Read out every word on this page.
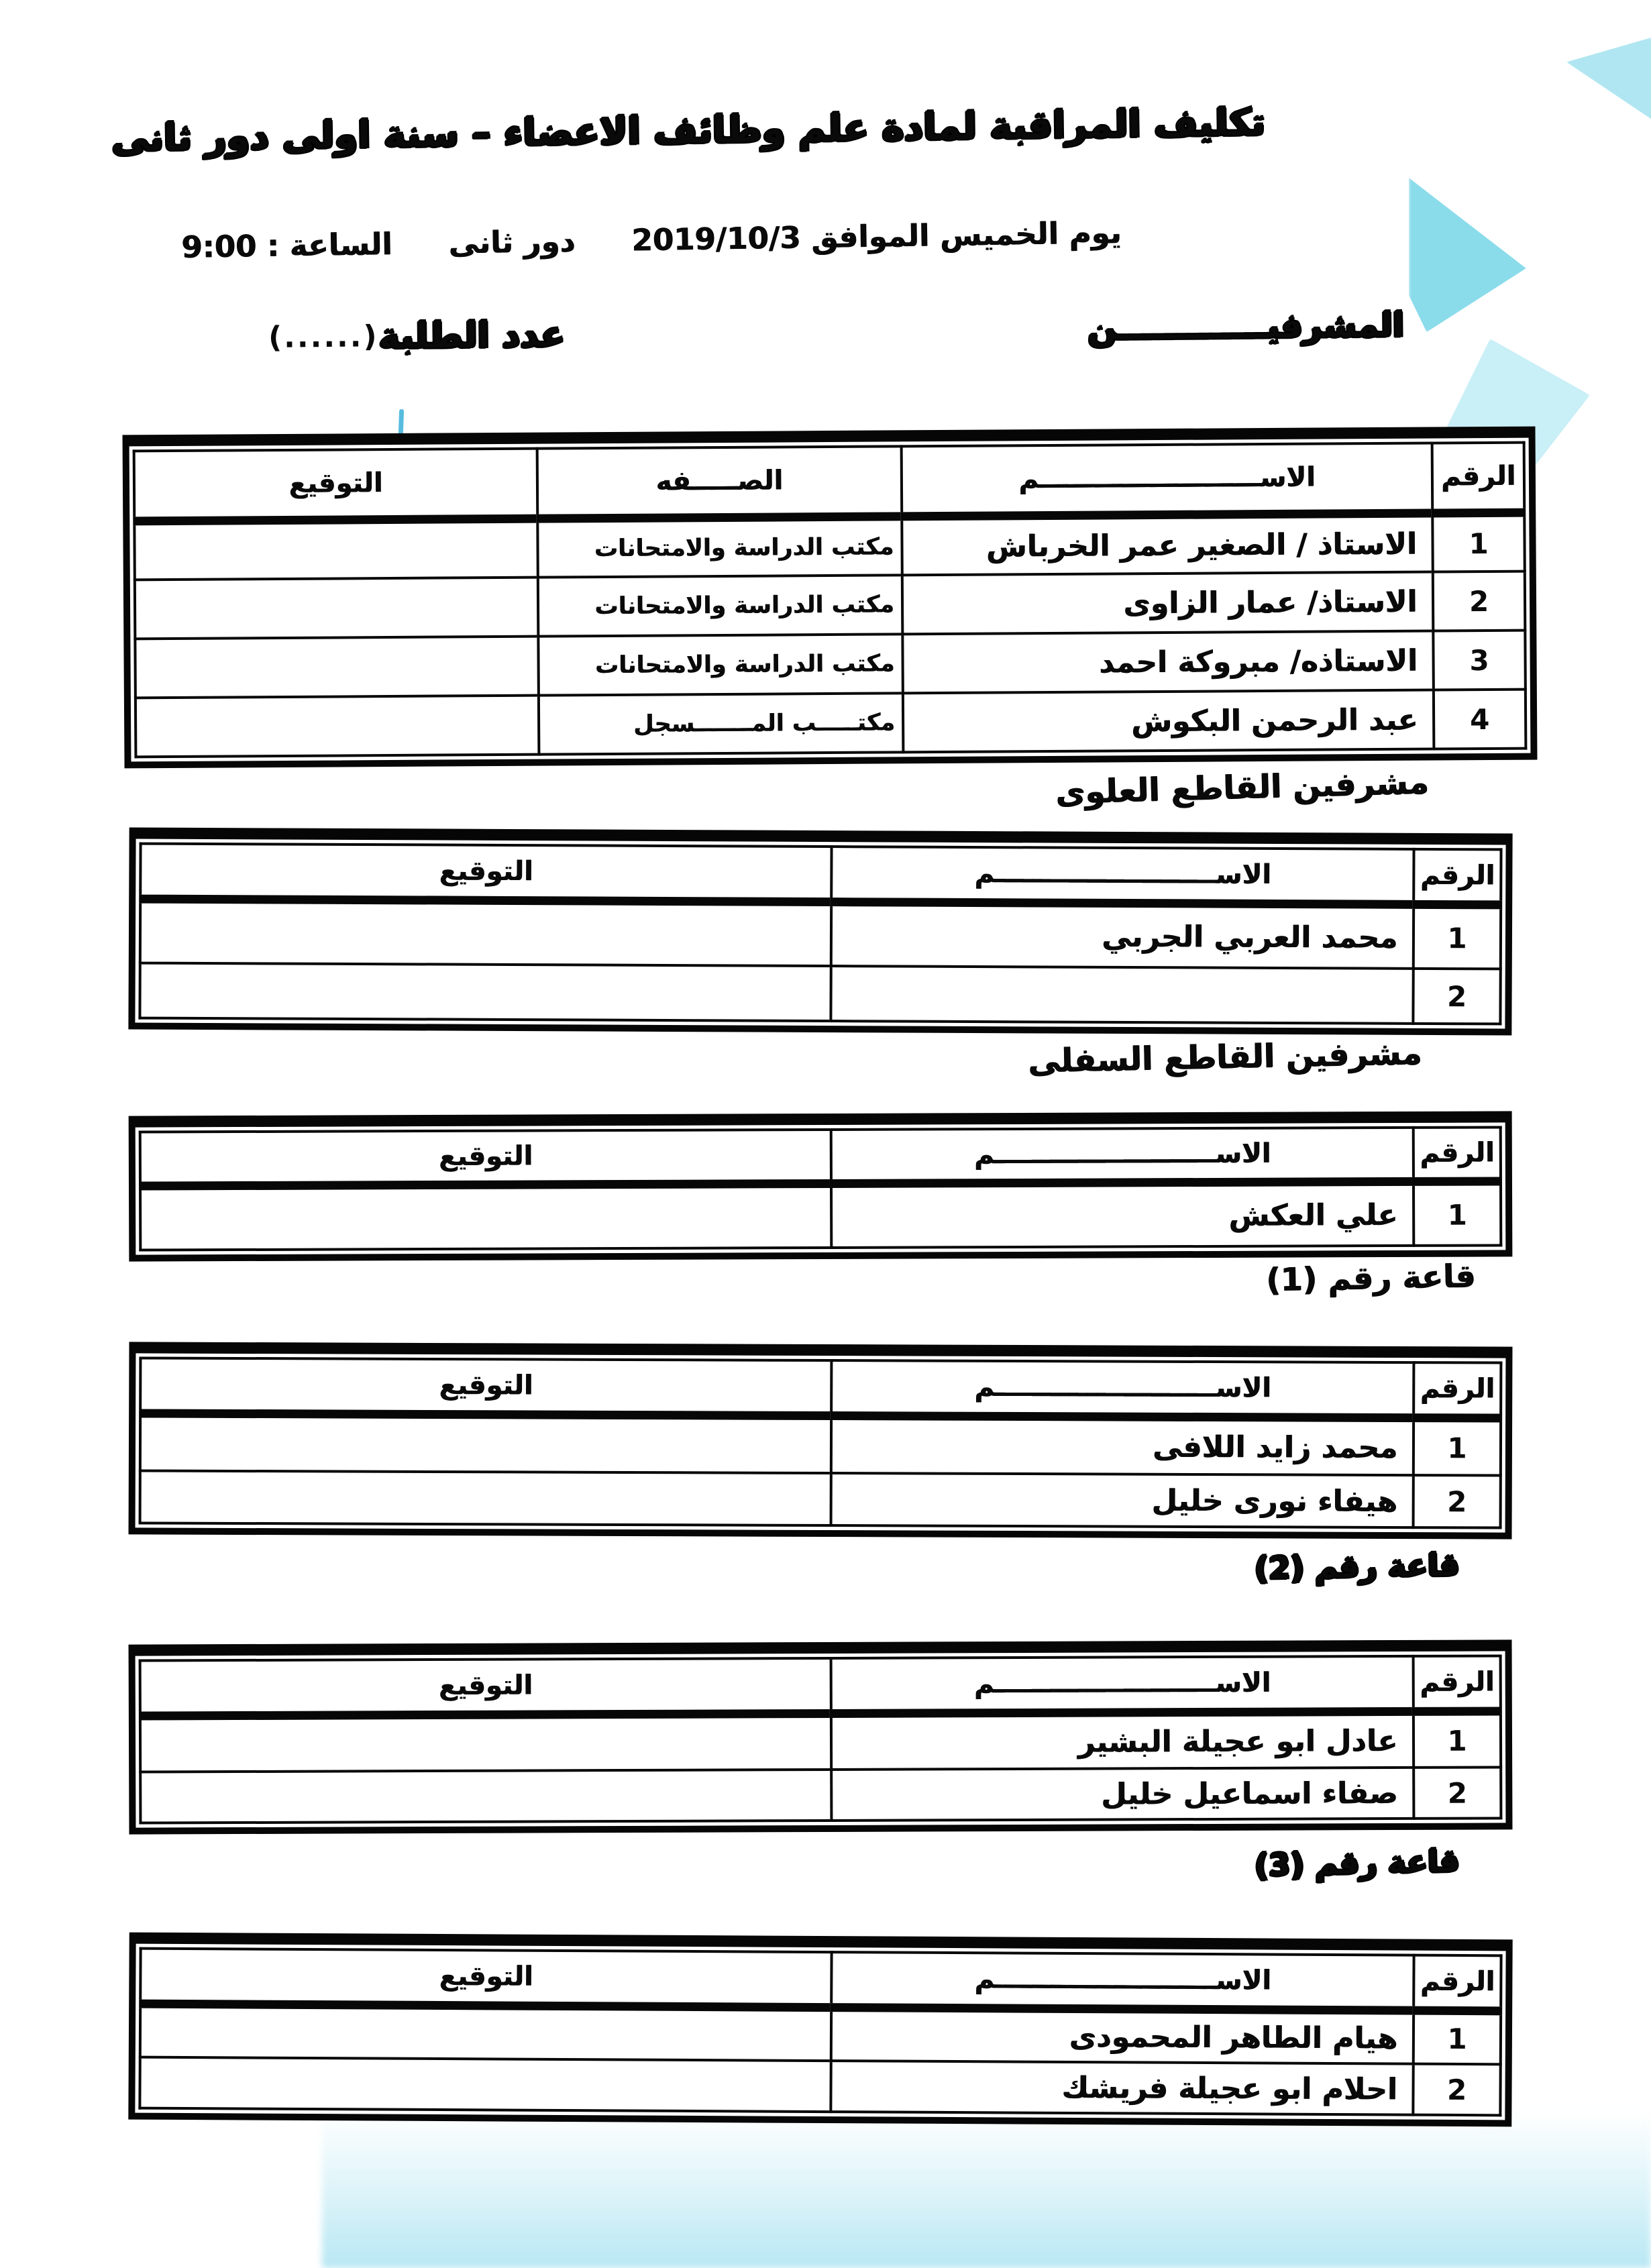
تكليف المراقبة لمادة علم وظائف الاعضاء – سنة اولى دور ثانى
يوم الخميس الموافق 2019/10/3
دور ثانى
الساعة : 9:00
المشرفيـــــــــــــن
عدد الطلبة
(......)
الرقم	الاســــــــــــــــــــــــم	الصـــــفه	التوقيع
1	الاستاذ / الصغير عمر الخرباش	مكتب الدراسة والامتحانات	
2	الاستاذ/ عمار الزاوى	مكتب الدراسة والامتحانات	
3	الاستاذه/ مبروكة احمد	مكتب الدراسة والامتحانات	
4	عبد الرحمن البكوش	مكتـــــب المـــــــسجل	
مشرفين القاطع العلوى
الرقم	الاســــــــــــــــــــــــم	التوقيع
1	محمد العربي الجربي	
2		
مشرفين القاطع السفلى
الرقم	الاســــــــــــــــــــــــم	التوقيع
1	علي العكش	
قاعة رقم (1)
الرقم	الاســــــــــــــــــــــــم	التوقيع
1	محمد زايد اللافى	
2	هيفاء نورى خليل	
قاعة رقم (2)
الرقم	الاســــــــــــــــــــــــم	التوقيع
1	عادل ابو عجيلة البشير	
2	صفاء اسماعيل خليل	
قاعة رقم (3)
الرقم	الاســــــــــــــــــــــــم	التوقيع
1	هيام الطاهر المحمودى	
2	احلام ابو عجيلة فريشك	
